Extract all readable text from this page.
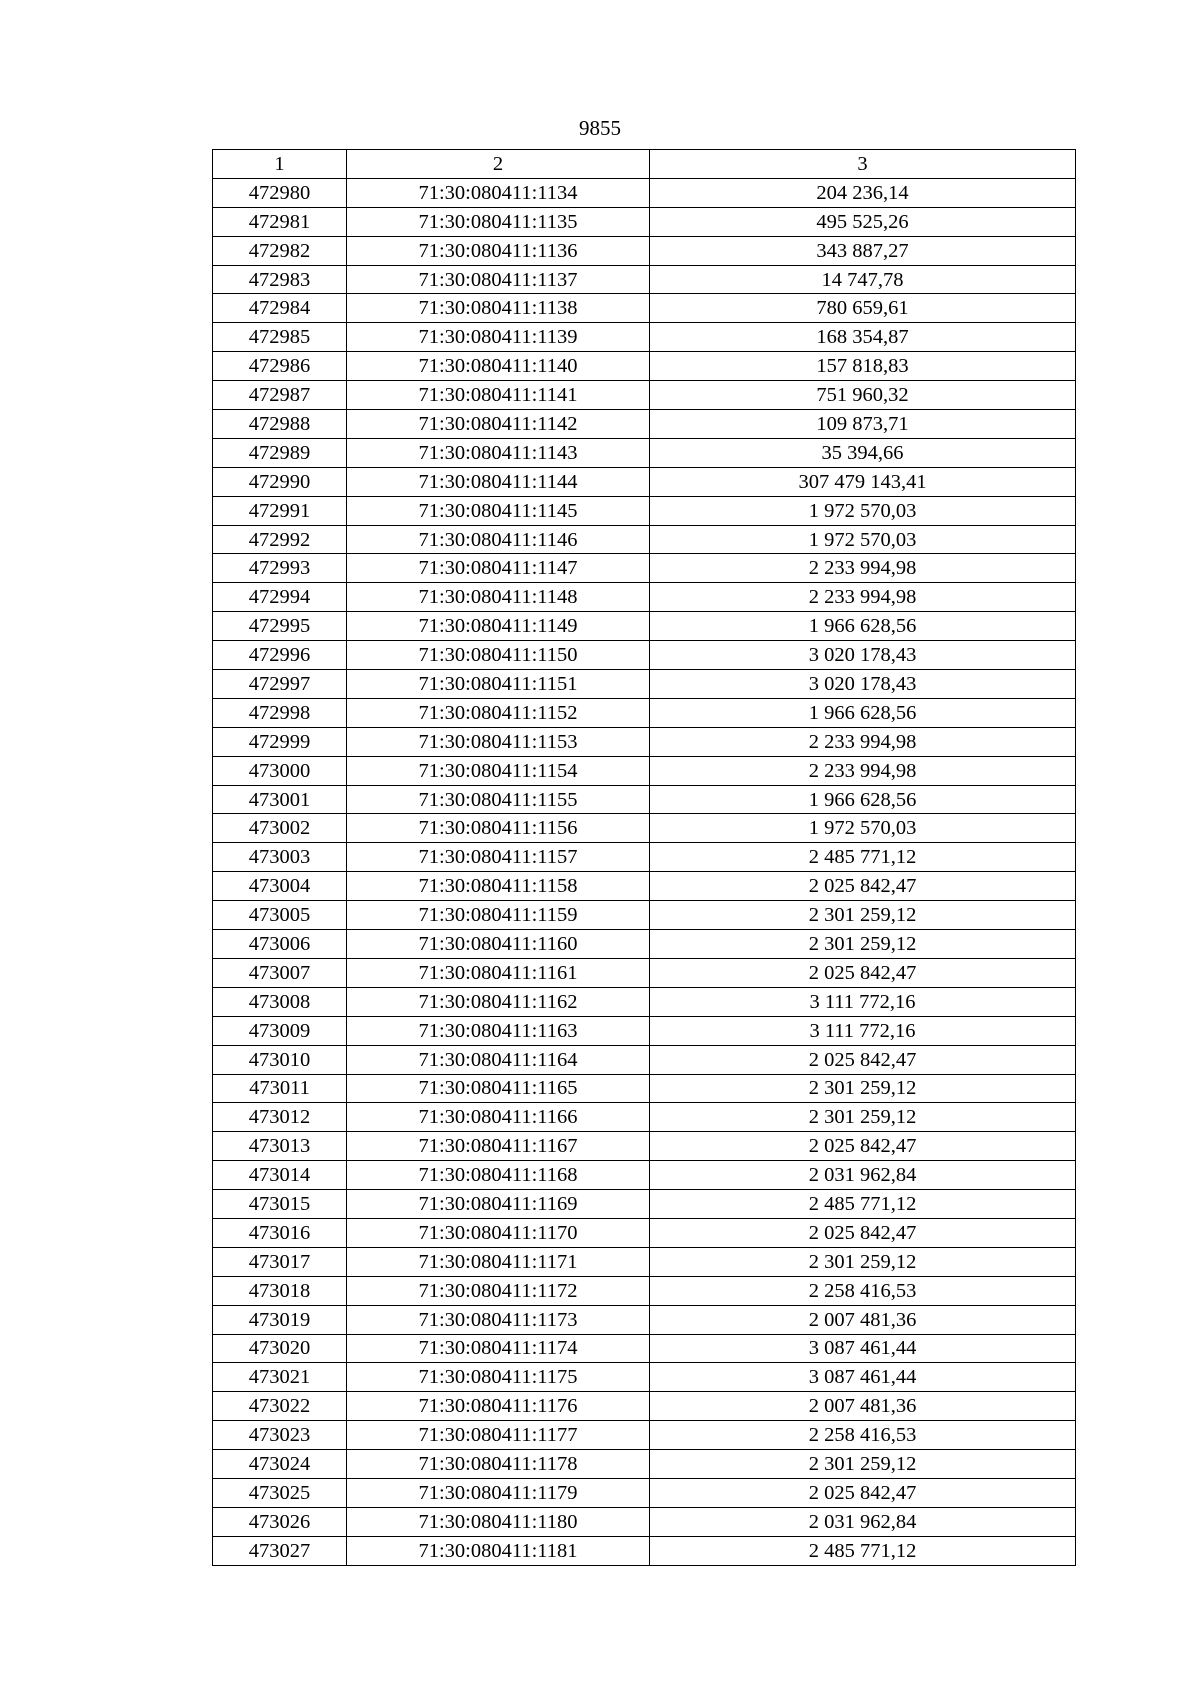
9855
1	2	3
472980	71:30:080411:1134	204 236,14
472981	71:30:080411:1135	495 525,26
472982	71:30:080411:1136	343 887,27
472983	71:30:080411:1137	14 747,78
472984	71:30:080411:1138	780 659,61
472985	71:30:080411:1139	168 354,87
472986	71:30:080411:1140	157 818,83
472987	71:30:080411:1141	751 960,32
472988	71:30:080411:1142	109 873,71
472989	71:30:080411:1143	35 394,66
472990	71:30:080411:1144	307 479 143,41
472991	71:30:080411:1145	1 972 570,03
472992	71:30:080411:1146	1 972 570,03
472993	71:30:080411:1147	2 233 994,98
472994	71:30:080411:1148	2 233 994,98
472995	71:30:080411:1149	1 966 628,56
472996	71:30:080411:1150	3 020 178,43
472997	71:30:080411:1151	3 020 178,43
472998	71:30:080411:1152	1 966 628,56
472999	71:30:080411:1153	2 233 994,98
473000	71:30:080411:1154	2 233 994,98
473001	71:30:080411:1155	1 966 628,56
473002	71:30:080411:1156	1 972 570,03
473003	71:30:080411:1157	2 485 771,12
473004	71:30:080411:1158	2 025 842,47
473005	71:30:080411:1159	2 301 259,12
473006	71:30:080411:1160	2 301 259,12
473007	71:30:080411:1161	2 025 842,47
473008	71:30:080411:1162	3 111 772,16
473009	71:30:080411:1163	3 111 772,16
473010	71:30:080411:1164	2 025 842,47
473011	71:30:080411:1165	2 301 259,12
473012	71:30:080411:1166	2 301 259,12
473013	71:30:080411:1167	2 025 842,47
473014	71:30:080411:1168	2 031 962,84
473015	71:30:080411:1169	2 485 771,12
473016	71:30:080411:1170	2 025 842,47
473017	71:30:080411:1171	2 301 259,12
473018	71:30:080411:1172	2 258 416,53
473019	71:30:080411:1173	2 007 481,36
473020	71:30:080411:1174	3 087 461,44
473021	71:30:080411:1175	3 087 461,44
473022	71:30:080411:1176	2 007 481,36
473023	71:30:080411:1177	2 258 416,53
473024	71:30:080411:1178	2 301 259,12
473025	71:30:080411:1179	2 025 842,47
473026	71:30:080411:1180	2 031 962,84
473027	71:30:080411:1181	2 485 771,12
